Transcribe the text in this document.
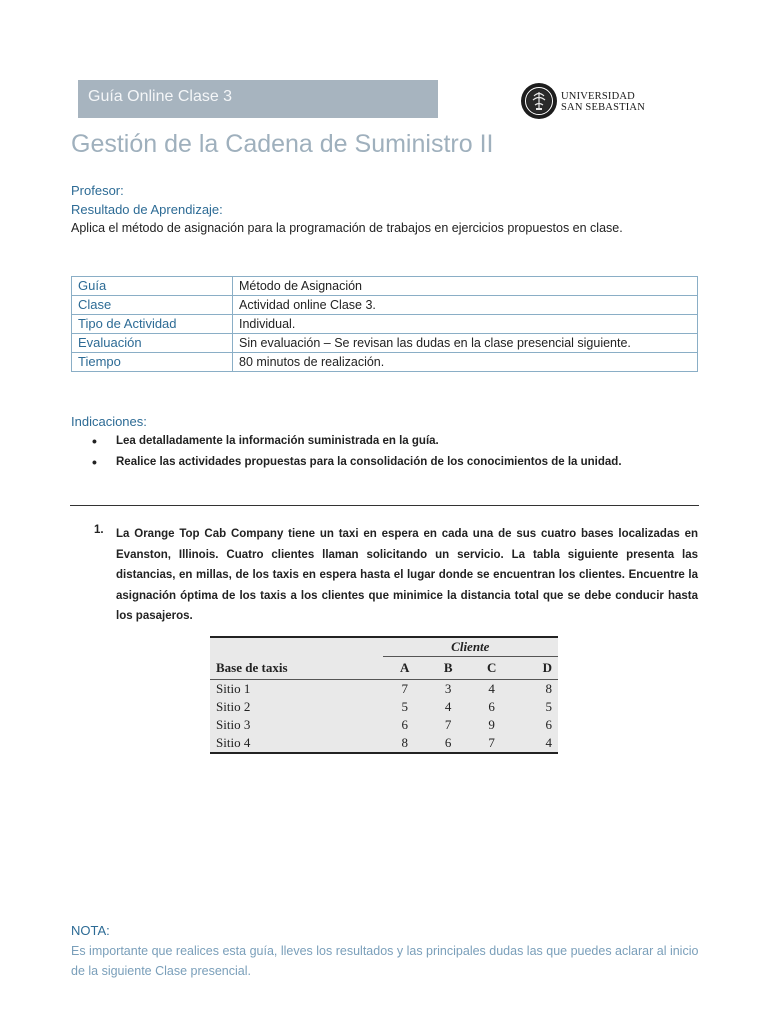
Guía Online Clase 3	UNIVERSIDAD
SAN SEBASTIAN
Gestión de la Cadena de Suministro II
Profesor:
Resultado de Aprendizaje:
Aplica el método de asignación para la programación de trabajos en ejercicios propuestos en clase.
Guía	Método de Asignación
Clase	Actividad online Clase 3.
Tipo de Actividad	Individual.
Evaluación	Sin evaluación – Se revisan las dudas en la clase presencial siguiente.
Tiempo	80 minutos de realización.
Indicaciones:
• Lea detalladamente la información suministrada en la guía.
• Realice las actividades propuestas para la consolidación de los conocimientos de la unidad.
1. La Orange Top Cab Company tiene un taxi en espera en cada una de sus cuatro bases localizadas en Evanston, Illinois. Cuatro clientes llaman solicitando un servicio. La tabla siguiente presenta las distancias, en millas, de los taxis en espera hasta el lugar donde se encuentran los clientes. Encuentre la asignación óptima de los taxis a los clientes que minimice la distancia total que se debe conducir hasta los pasajeros.

	Cliente			
Base de taxis	A	B	C	D
Sitio 1	7	3	4	8
Sitio 2	5	4	6	5
Sitio 3	6	7	9	6
Sitio 4	8	6	7	4
NOTA:

Es importante que realices esta guía, lleves los resultados y las principales dudas las que puedes aclarar al inicio de la siguiente Clase presencial.
